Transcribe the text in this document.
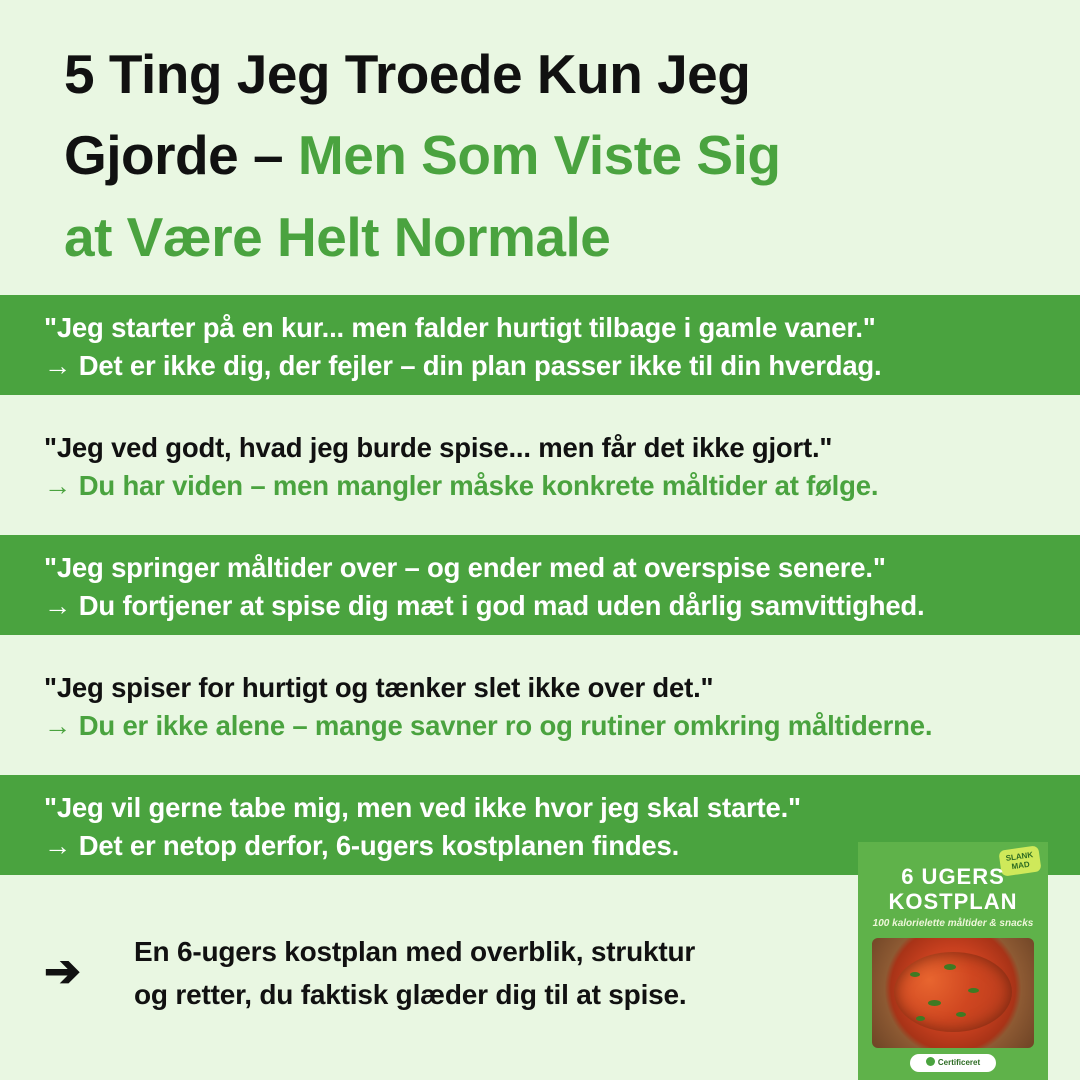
5 Ting Jeg Troede Kun Jeg
Gjorde – Men Som Viste Sig
at Være Helt Normale
"Jeg starter på en kur... men falder hurtigt tilbage i gamle vaner."
→ Det er ikke dig, der fejler – din plan passer ikke til din hverdag.
"Jeg ved godt, hvad jeg burde spise... men får det ikke gjort."
→ Du har viden – men mangler måske konkrete måltider at følge.
"Jeg springer måltider over – og ender med at overspise senere."
→ Du fortjener at spise dig mæt i god mad uden dårlig samvittighed.
"Jeg spiser for hurtigt og tænker slet ikke over det."
→ Du er ikke alene – mange savner ro og rutiner omkring måltiderne.
"Jeg vil gerne tabe mig, men ved ikke hvor jeg skal starte."
→ Det er netop derfor, 6-ugers kostplanen findes.
➔	En 6-ugers kostplan med overblik, struktur
og retter, du faktisk glæder dig til at spise.
SLANK MAD
6 UGERS
KOSTPLAN
100 kalorielette måltider & snacks
Certificeret
